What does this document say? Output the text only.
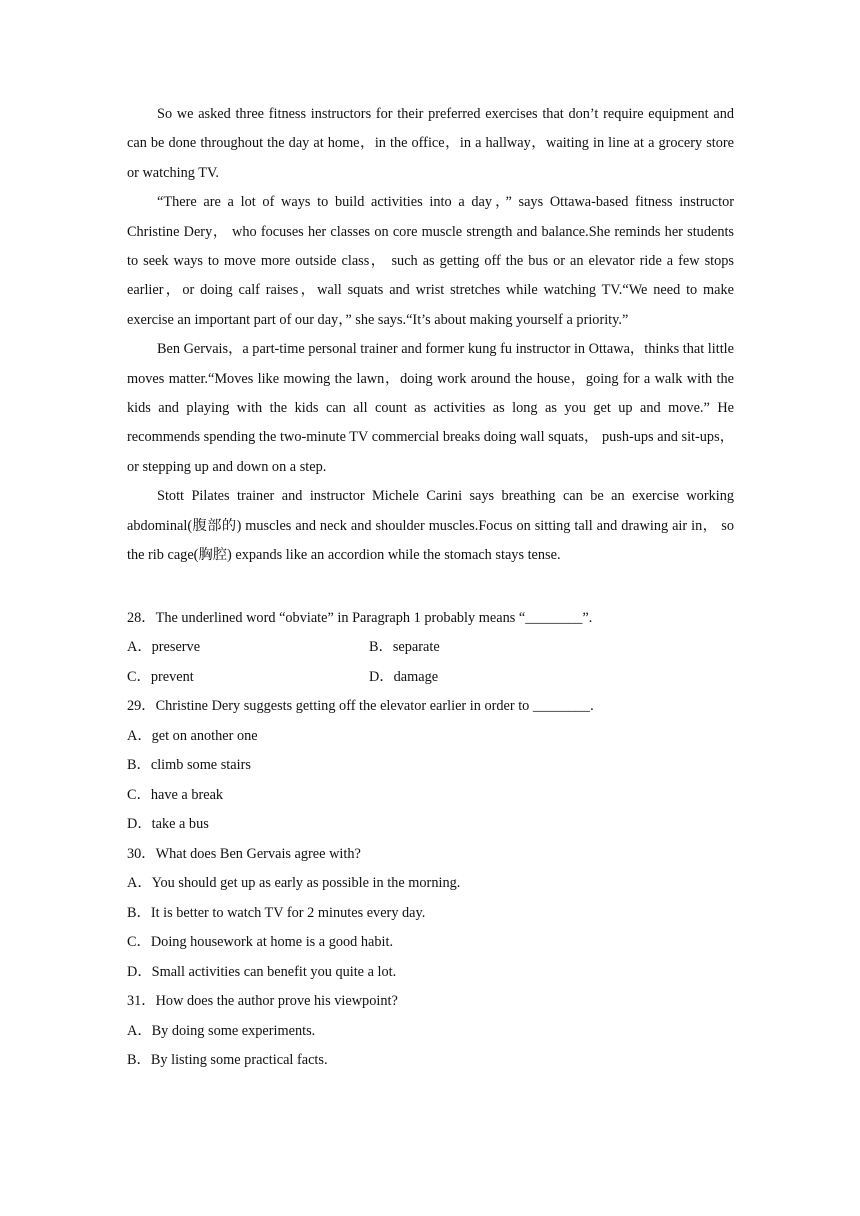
So we asked three fitness instructors for their preferred exercises that don’t require equipment and can be done throughout the day at home，in the office，in a hallway，waiting in line at a grocery store or watching TV.

“There are a lot of ways to build activities into a day，” says Ottawa-based fitness instructor Christine Dery， who focuses her classes on core muscle strength and balance.She reminds her students to seek ways to move more outside class， such as getting off the bus or an elevator ride a few stops earlier，or doing calf raises，wall squats and wrist stretches while watching TV.“We need to make exercise an important part of our day，” she says.“It’s about making yourself a priority.”

Ben Gervais，a part-time personal trainer and former kung fu instructor in Ottawa，thinks that little moves matter.“Moves like mowing the lawn，doing work around the house，going for a walk with the kids and playing with the kids can all count as activities as long as you get up and move.” He recommends spending the two-minute TV commercial breaks doing wall squats， push-ups and sit-ups， or stepping up and down on a step.

Stott Pilates trainer and instructor Michele Carini says breathing can be an exercise working abdominal(腹部的) muscles and neck and shoulder muscles.Focus on sitting tall and drawing air in， so the rib cage(胸腔) expands like an accordion while the stomach stays tense.

28．The underlined word “obviate” in Paragraph 1 probably means “________”.
A．preserve	B．separate
C．prevent	D．damage
29．Christine Dery suggests getting off the elevator earlier in order to ________.
A．get on another one
B．climb some stairs
C．have a break
D．take a bus
30．What does Ben Gervais agree with?
A．You should get up as early as possible in the morning.
B．It is better to watch TV for 2 minutes every day.
C．Doing housework at home is a good habit.
D．Small activities can benefit you quite a lot.
31．How does the author prove his viewpoint?
A．By doing some experiments.
B．By listing some practical facts.
